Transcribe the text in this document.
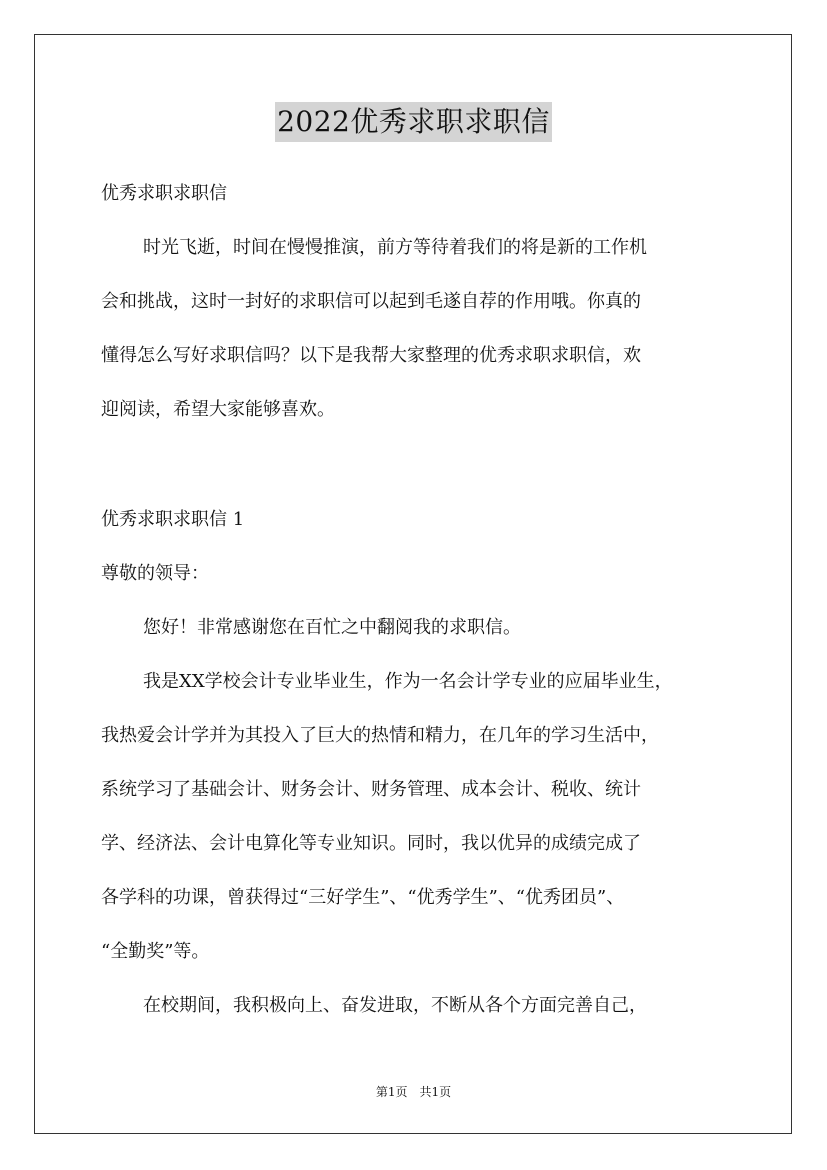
2022优秀求职求职信
优秀求职求职信
时光飞逝，时间在慢慢推演，前方等待着我们的将是新的工作机
会和挑战，这时一封好的求职信可以起到毛遂自荐的作用哦。你真的
懂得怎么写好求职信吗？以下是我帮大家整理的优秀求职求职信，欢
迎阅读，希望大家能够喜欢。
优秀求职求职信 1
尊敬的领导：
您好！非常感谢您在百忙之中翻阅我的求职信。
我是XX学校会计专业毕业生，作为一名会计学专业的应届毕业生，
我热爱会计学并为其投入了巨大的热情和精力，在几年的学习生活中，
系统学习了基础会计、财务会计、财务管理、成本会计、税收、统计
学、经济法、会计电算化等专业知识。同时，我以优异的成绩完成了
各学科的功课，曾获得过“三好学生”、“优秀学生”、“优秀团员”、
“全勤奖”等。
在校期间，我积极向上、奋发进取，不断从各个方面完善自己，
第1页　共1页
